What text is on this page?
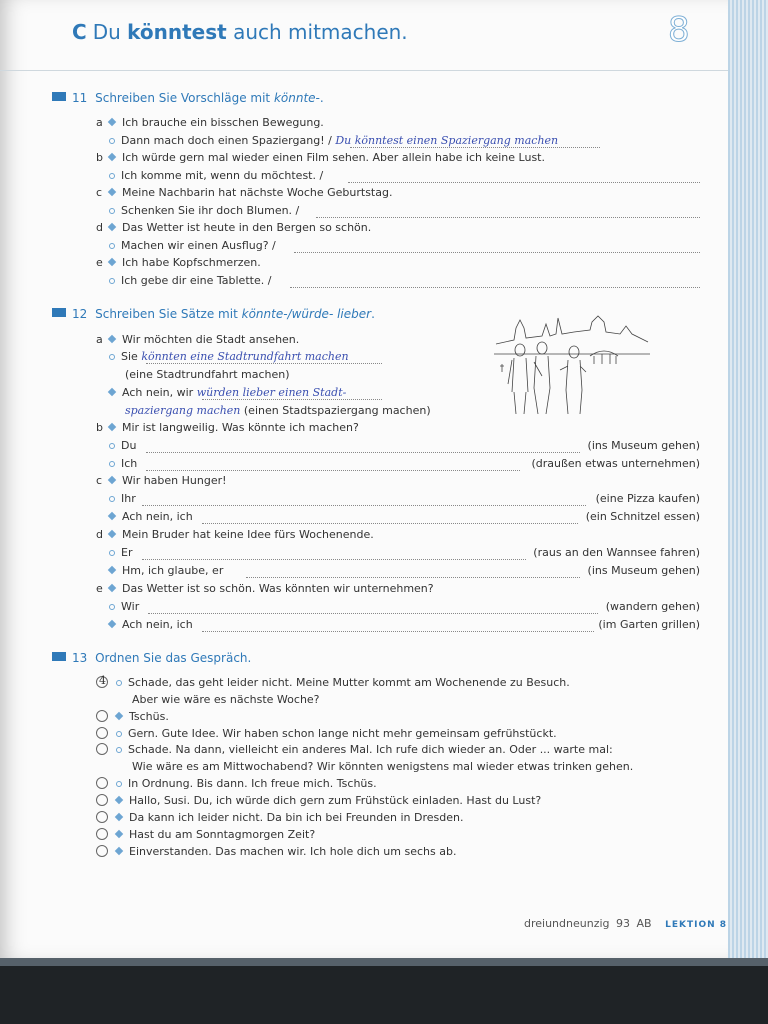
C Du könntest auch mitmachen.	8
11 Schreiben Sie Vorschläge mit könnte-.
a	Ich brauche ein bisschen Bewegung.
Dann mach doch einen Spaziergang! / Du könntest einen Spaziergang machen
b	Ich würde gern mal wieder einen Film sehen. Aber allein habe ich keine Lust.
Ich komme mit, wenn du möchtest. /
c	Meine Nachbarin hat nächste Woche Geburtstag.
Schenken Sie ihr doch Blumen. /
d	Das Wetter ist heute in den Bergen so schön.
Machen wir einen Ausflug? /
e	Ich habe Kopfschmerzen.
Ich gebe dir eine Tablette. /
12 Schreiben Sie Sätze mit könnte-/würde- lieber.
a	Wir möchten die Stadt ansehen.
Sie könnten eine Stadtrundfahrt machen
(eine Stadtrundfahrt machen)
Ach nein, wir würden lieber einen Stadt-
spaziergang machen (einen Stadtspaziergang machen)
b	Mir ist langweilig. Was könnte ich machen?
Du	(ins Museum gehen)
Ich	(draußen etwas unternehmen)
c	Wir haben Hunger!
Ihr	(eine Pizza kaufen)
Ach nein, ich	(ein Schnitzel essen)
d	Mein Bruder hat keine Idee fürs Wochenende.
Er	(raus an den Wannsee fahren)
Hm, ich glaube, er	(ins Museum gehen)
e	Das Wetter ist so schön. Was könnten wir unternehmen?
Wir	(wandern gehen)
Ach nein, ich	(im Garten grillen)
13 Ordnen Sie das Gespräch.
4	Schade, das geht leider nicht. Meine Mutter kommt am Wochenende zu Besuch.
Aber wie wäre es nächste Woche?
Tschüs.
Gern. Gute Idee. Wir haben schon lange nicht mehr gemeinsam gefrühstückt.
Schade. Na dann, vielleicht ein anderes Mal. Ich rufe dich wieder an. Oder ... warte mal:
Wie wäre es am Mittwochabend? Wir könnten wenigstens mal wieder etwas trinken gehen.
In Ordnung. Bis dann. Ich freue mich. Tschüs.
Hallo, Susi. Du, ich würde dich gern zum Frühstück einladen. Hast du Lust?
Da kann ich leider nicht. Da bin ich bei Freunden in Dresden.
Hast du am Sonntagmorgen Zeit?
Einverstanden. Das machen wir. Ich hole dich um sechs ab.
dreiundneunzig 93 AB LEKTION 8
